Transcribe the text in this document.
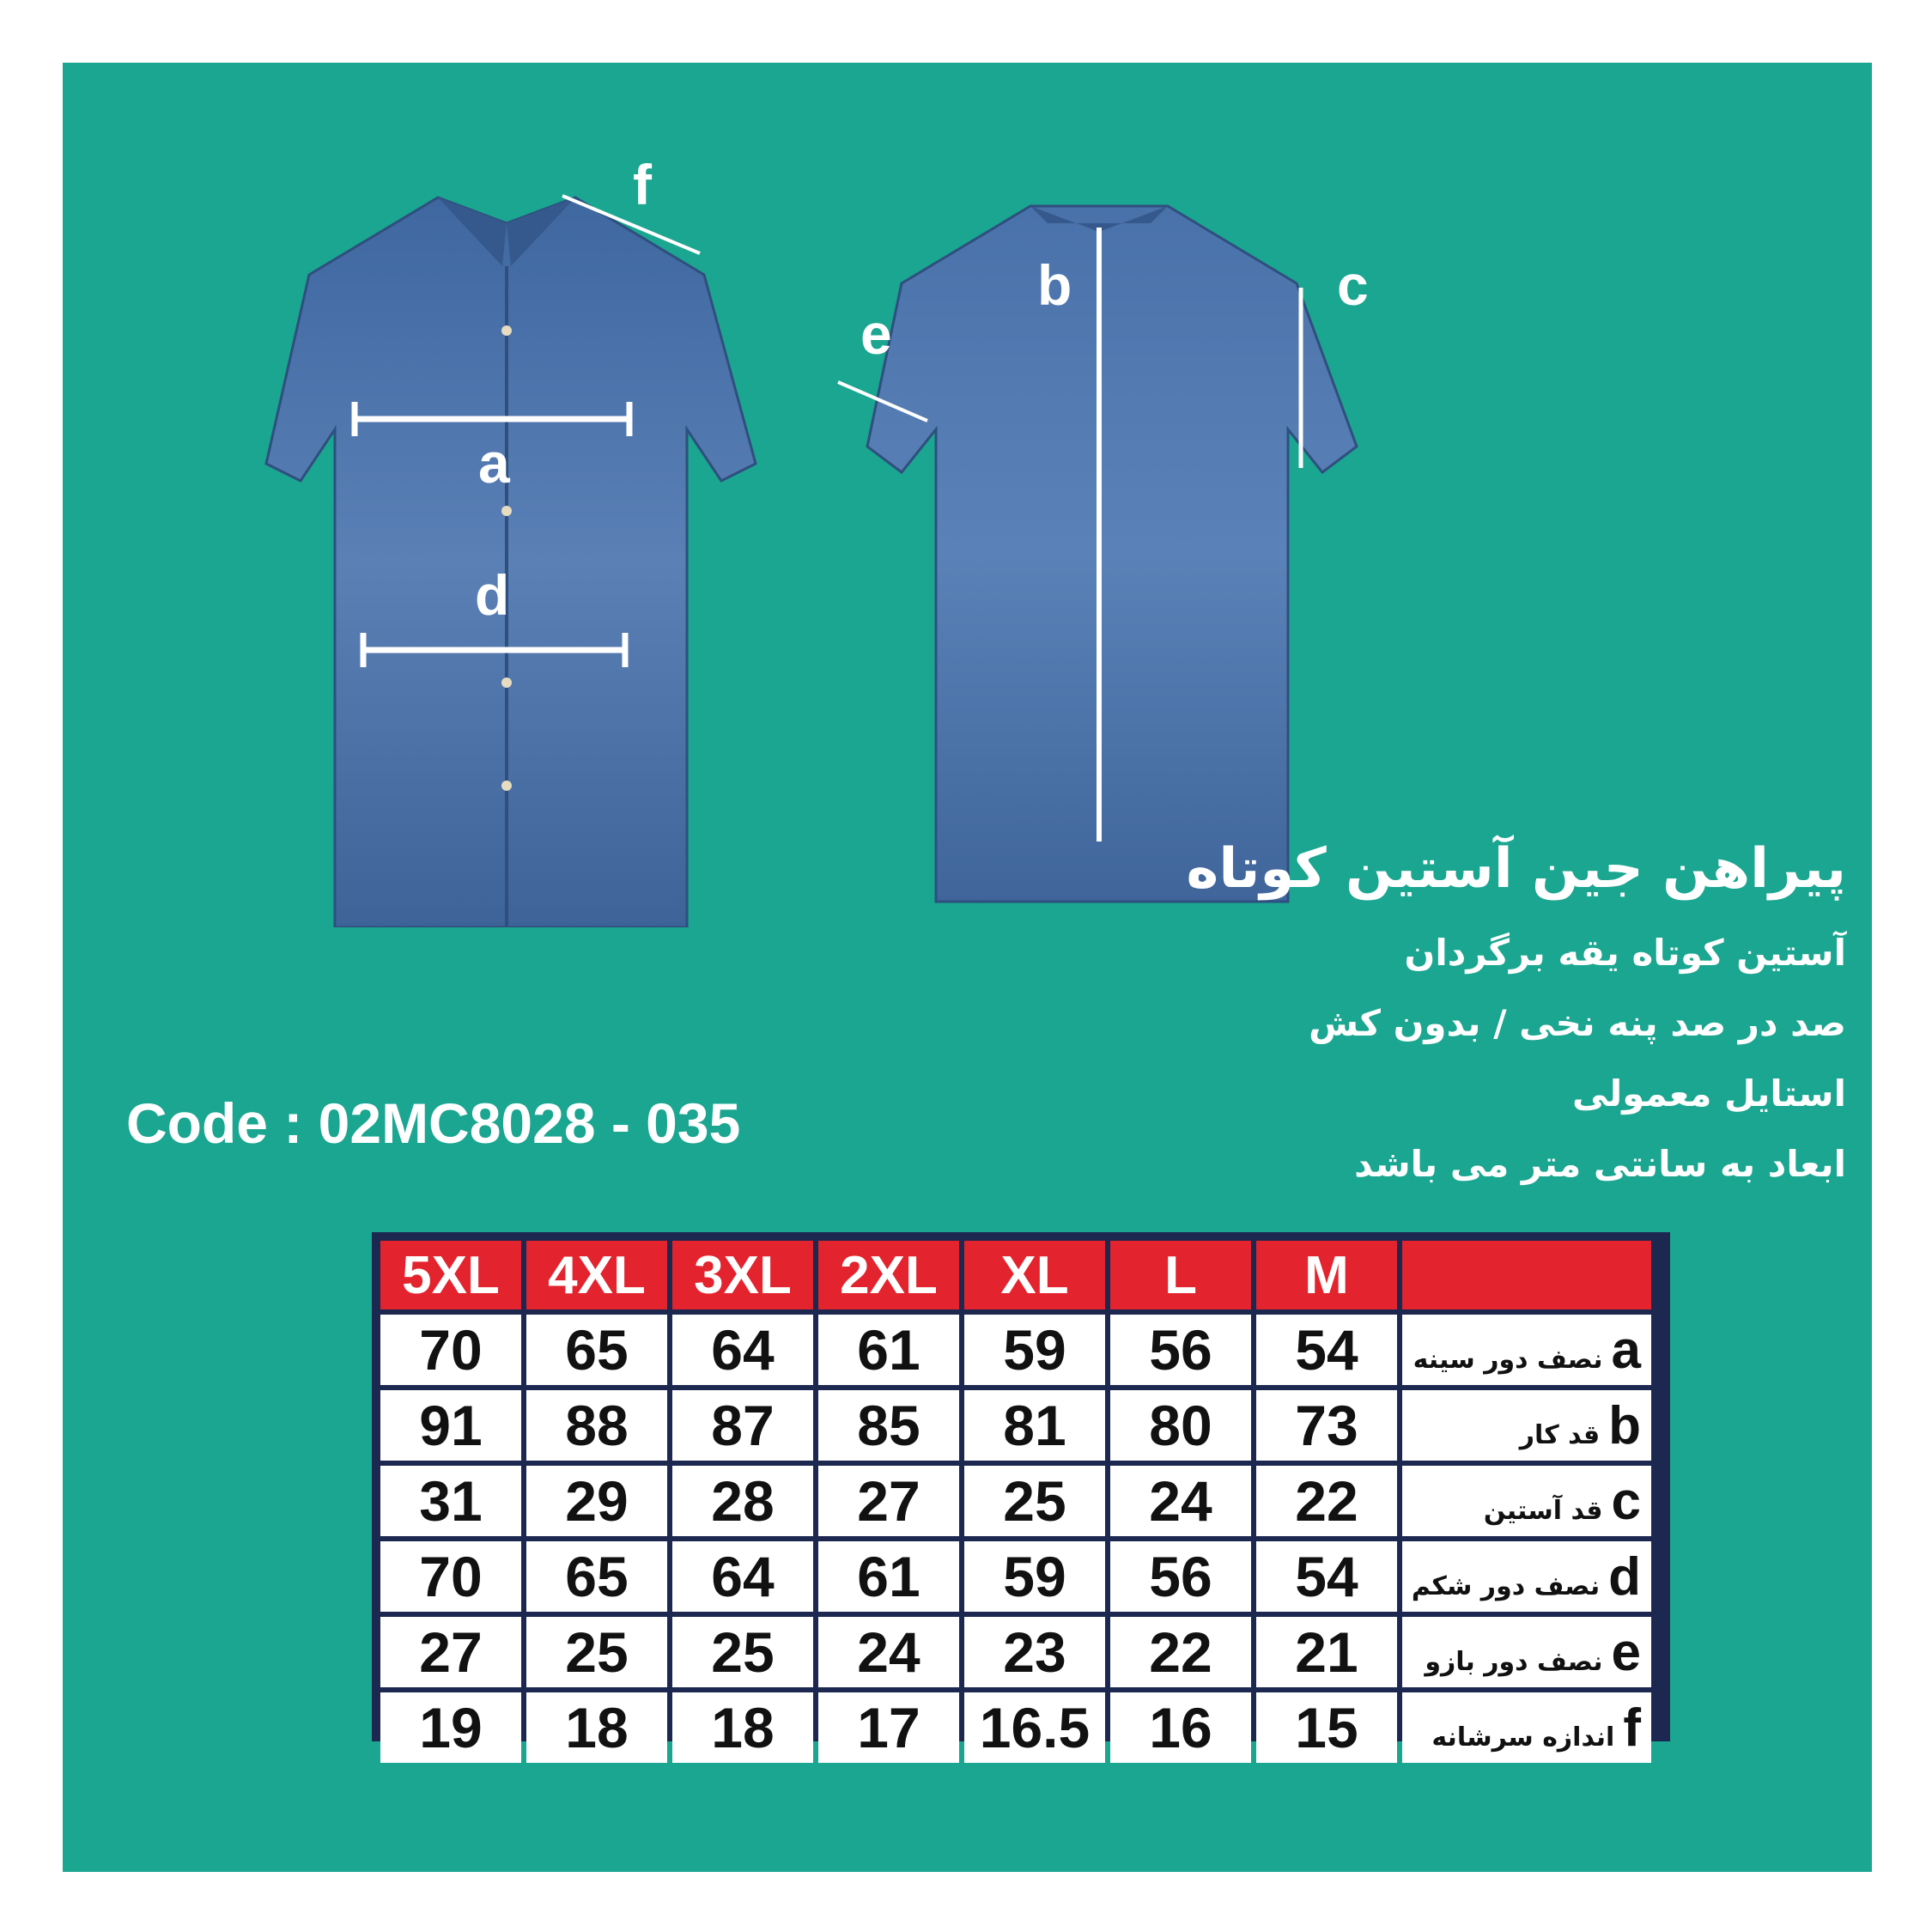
a
d
f
e
b	c
پیراهن جین آستین کوتاه
آستین کوتاه یقه برگردان
صد در صد پنه نخی / بدون کش
استایل معمولی
ابعاد به سانتی متر می باشد
Code : 02MC8028 - 035
5XL	4XL	3XL	2XL	XL	L	M	
70	65	64	61	59	56	54	نصف دور سینه a
91	88	87	85	81	80	73	قد کار b
31	29	28	27	25	24	22	قد آستین c
70	65	64	61	59	56	54	نصف دور شکم d
27	25	25	24	23	22	21	نصف دور بازو e
19	18	18	17	16.5	16	15	اندازه سرشانه f
